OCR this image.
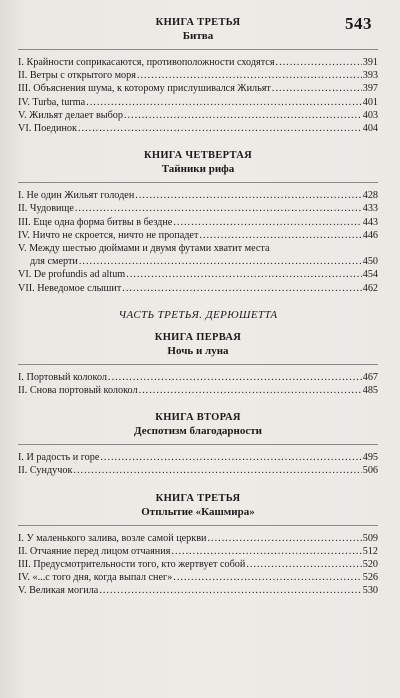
543
КНИГА ТРЕТЬЯ
Битва
I. Крайности соприкасаются, противоположности сходятся .....	391
II. Ветры с открытого моря .....	393
III. Объяснения шума, к которому прислушивался Жильят .....	397
IV. Turba, turma .....	401
V. Жильят делает выбор .....	403
VI. Поединок .....	404
КНИГА ЧЕТВЕРТАЯ
Тайники рифа
I. Не один Жильят голоден .....	428
II. Чудовище .....	433
III. Еще одна форма битвы в бездне .....	443
IV. Ничто не скроется, ничто не пропадет .....	446
V. Между шестью дюймами и двумя футами хватит места
для смерти .....	450
VI. De profundis ad altum .....	454
VII. Неведомое слышит .....	462
ЧАСТЬ ТРЕТЬЯ. ДЕРЮШЕТТА
КНИГА ПЕРВАЯ
Ночь и луна
I. Портовый колокол .....	467
II. Снова портовый колокол .....	485
КНИГА ВТОРАЯ
Деспотизм благодарности
I. И радость и горе .....	495
II. Сундучок .....	506
КНИГА ТРЕТЬЯ
Отплытие «Кашмира»
I. У маленького залива, возле самой церкви .....	509
II. Отчаяние перед лицом отчаяния .....	512
III. Предусмотрительности того, кто жертвует собой .....	520
IV. «...с того дня, когда выпал снег» .....	526
V. Великая могила .....	530
